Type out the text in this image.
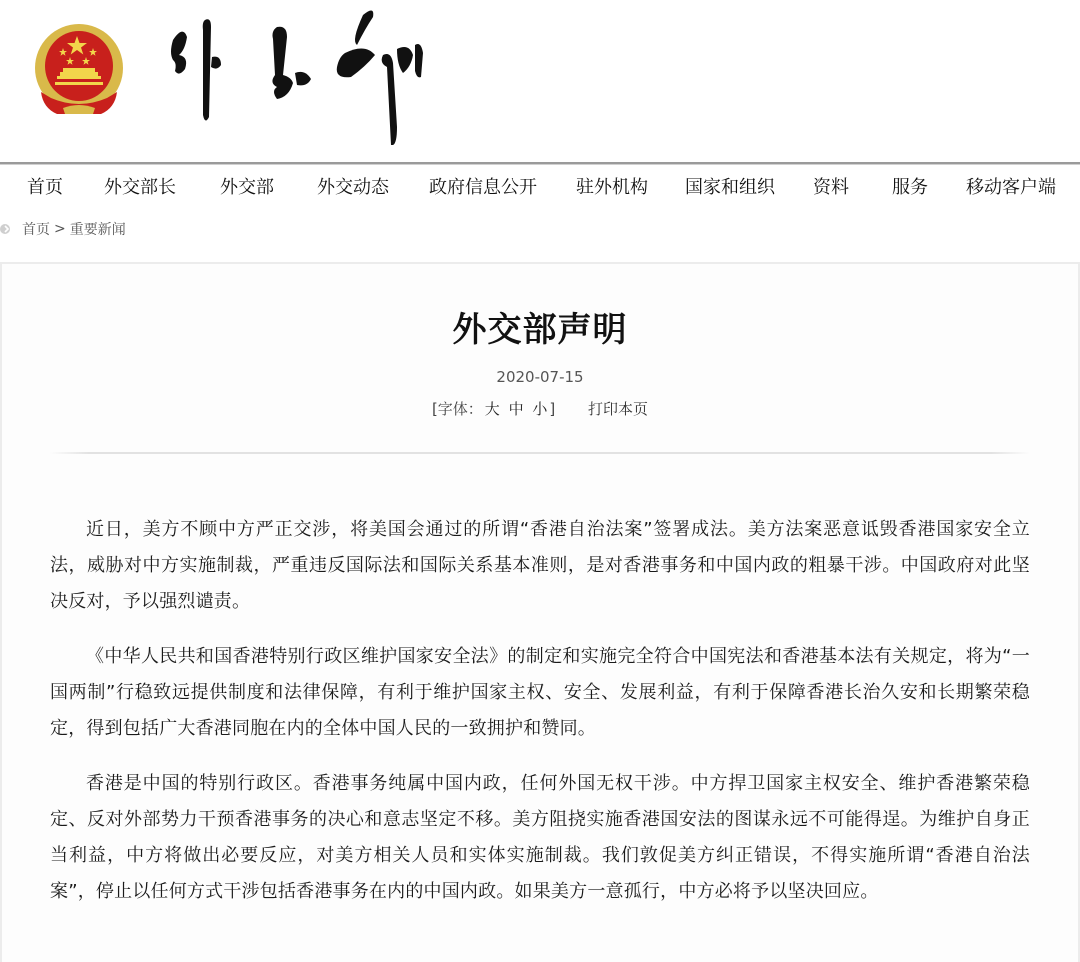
首页 外交部长 外交部 外交动态 政府信息公开 驻外机构 国家和组织 资料 服务 移动客户端
首页 > 重要新闻
外交部声明
2020-07-15
[字体： 大 中 小 ] 打印本页

近日，美方不顾中方严正交涉，将美国会通过的所谓“香港自治法案”签署成法。美方法案恶意诋毁香港国家安全立法，威胁对中方实施制裁，严重违反国际法和国际关系基本准则，是对香港事务和中国内政的粗暴干涉。中国政府对此坚决反对，予以强烈谴责。

《中华人民共和国香港特别行政区维护国家安全法》的制定和实施完全符合中国宪法和香港基本法有关规定，将为“一国两制”行稳致远提供制度和法律保障，有利于维护国家主权、安全、发展利益，有利于保障香港长治久安和长期繁荣稳定，得到包括广大香港同胞在内的全体中国人民的一致拥护和赞同。

香港是中国的特别行政区。香港事务纯属中国内政，任何外国无权干涉。中方捍卫国家主权安全、维护香港繁荣稳定、反对外部势力干预香港事务的决心和意志坚定不移。美方阻挠实施香港国安法的图谋永远不可能得逞。为维护自身正当利益，中方将做出必要反应，对美方相关人员和实体实施制裁。我们敦促美方纠正错误，不得实施所谓“香港自治法案”，停止以任何方式干涉包括香港事务在内的中国内政。如果美方一意孤行，中方必将予以坚决回应。
